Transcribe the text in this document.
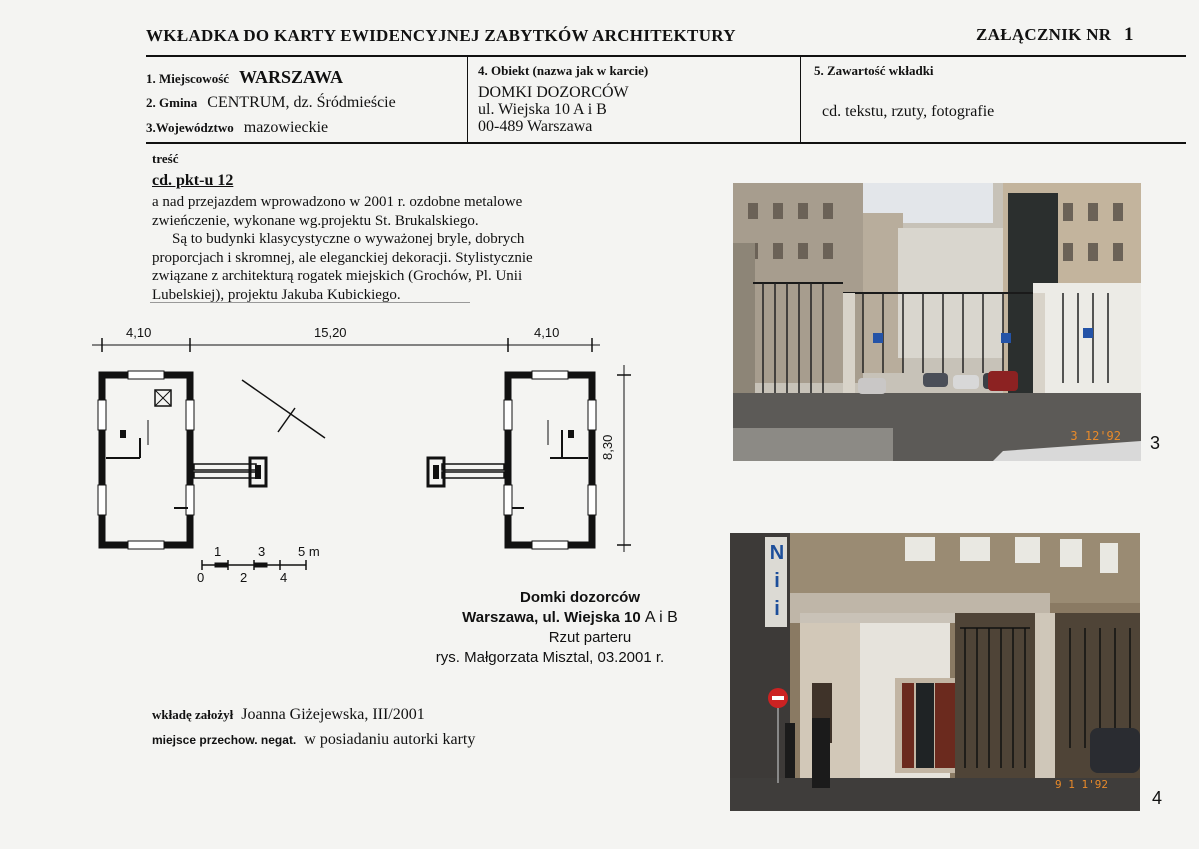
WKŁADKA DO KARTY EWIDENCYJNEJ ZABYTKÓW ARCHITEKTURY	ZAŁĄCZNIK NR 1
1. Miejscowość WARSZAWA
2. Gmina CENTRUM, dz. Śródmieście
3.Województwo mazowieckie
4. Obiekt (nazwa jak w karcie)
DOMKI DOZORCÓW
ul. Wiejska 10 A i B
00-489 Warszawa
5. Zawartość wkładki
cd. tekstu, rzuty, fotografie
treść
cd. pkt-u 12
a nad przejazdem wprowadzono w 2001 r. ozdobne metalowe
zwieńczenie, wykonane wg.projektu St. Brukalskiego.
Są to budynki klasycystyczne o wyważonej bryle, dobrych
proporcjach i skromnej, ale eleganckiej dekoracji. Stylistycznie
związane z architekturą rogatek miejskich (Grochów, Pl. Unii
Lubelskiej), projektu Jakuba Kubickiego.
4,10	15,20	4,10
8,30
1	3	5 m
0	2	4
Domki dozorców
Warszawa, ul. Wiejska 10 A i B
Rzut parteru
rys. Małgorzata Misztal, 03.2001 r.
wkładę założył Joanna Giżejewska, III/2001
miejsce przechow. negat. w posiadaniu autorki karty
3 12'92 3
N
i
i
9 1 1'92
4
